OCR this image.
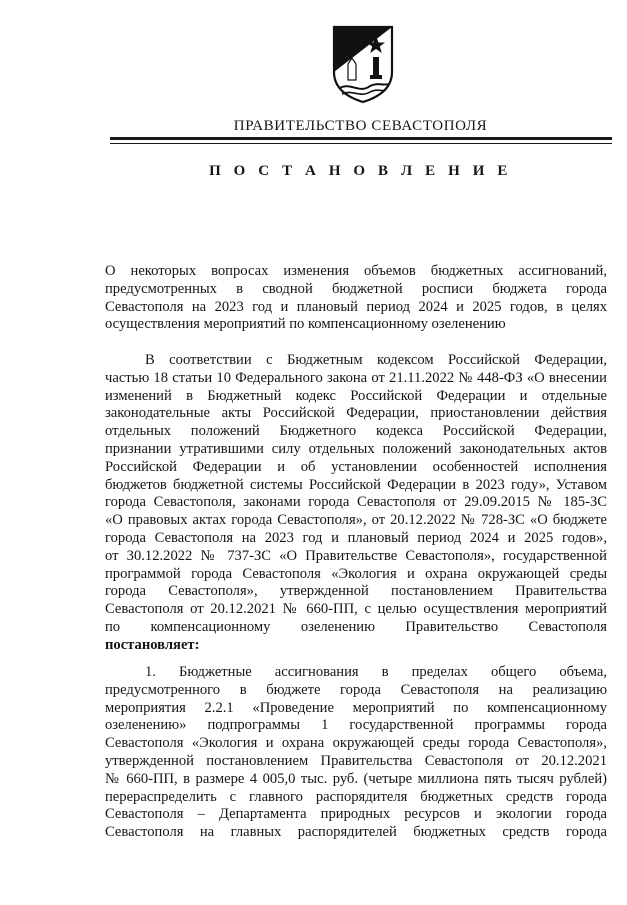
ПРАВИТЕЛЬСТВО СЕВАСТОПОЛЯ
П О С Т А Н О В Л Е Н И Е
О некоторых вопросах изменения объемов бюджетных ассигнований,
предусмотренных в сводной бюджетной росписи бюджета города
Севастополя на 2023 год и плановый период 2024 и 2025 годов, в целях
осуществления мероприятий по компенсационному озеленению
В соответствии с Бюджетным кодексом Российской Федерации,
частью 18 статьи 10 Федерального закона от 21.11.2022 № 448-ФЗ «О внесении
изменений в Бюджетный кодекс Российской Федерации и отдельные
законодательные акты Российской Федерации, приостановлении действия
отдельных положений Бюджетного кодекса Российской Федерации,
признании утратившими силу отдельных положений законодательных актов
Российской Федерации и об установлении особенностей исполнения
бюджетов бюджетной системы Российской Федерации в 2023 году», Уставом
города Севастополя, законами города Севастополя от 29.09.2015 № 185-ЗС
«О правовых актах города Севастополя», от 20.12.2022 № 728-ЗС «О бюджете
города Севастополя на 2023 год и плановый период 2024 и 2025 годов»,
от 30.12.2022 № 737-ЗС «О Правительстве Севастополя», государственной
программой города Севастополя «Экология и охрана окружающей среды
города Севастополя», утвержденной постановлением Правительства
Севастополя от 20.12.2021 № 660-ПП, с целью осуществления мероприятий
по компенсационному озеленению Правительство Севастополя
постановляет:
1. Бюджетные ассигнования в пределах общего объема,
предусмотренного в бюджете города Севастополя на реализацию
мероприятия 2.2.1 «Проведение мероприятий по компенсационному
озеленению» подпрограммы 1 государственной программы города
Севастополя «Экология и охрана окружающей среды города Севастополя»,
утвержденной постановлением Правительства Севастополя от 20.12.2021
№ 660-ПП, в размере 4 005,0 тыс. руб. (четыре миллиона пять тысяч рублей)
перераспределить с главного распорядителя бюджетных средств города
Севастополя – Департамента природных ресурсов и экологии города
Севастополя на главных распорядителей бюджетных средств города
